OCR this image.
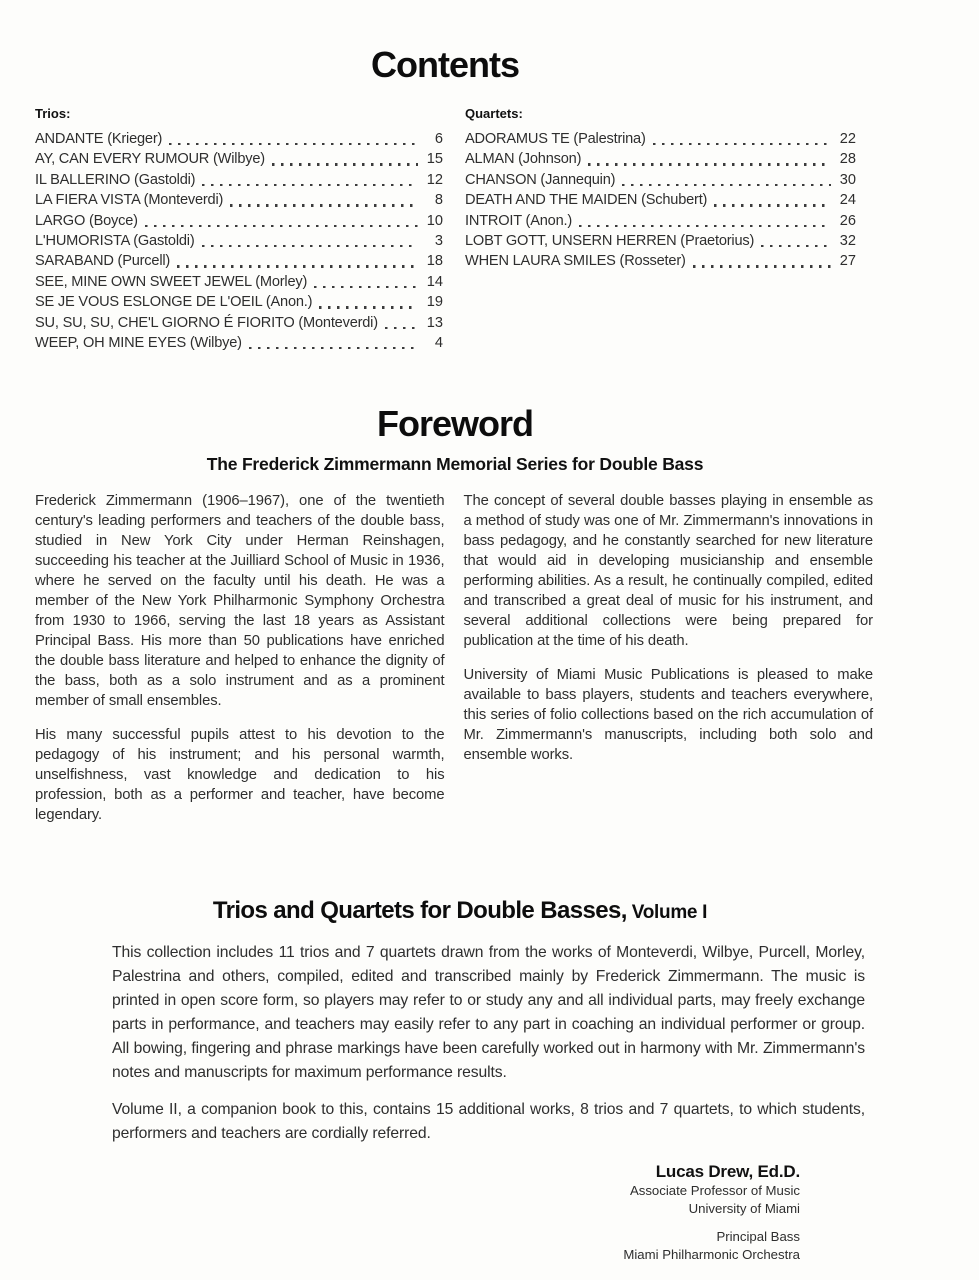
Contents
Trios:
ANDANTE (Krieger)	6
AY, CAN EVERY RUMOUR (Wilbye)	15
IL BALLERINO (Gastoldi)	12
LA FIERA VISTA (Monteverdi)	8
LARGO (Boyce)	10
L'HUMORISTA (Gastoldi)	3
SARABAND (Purcell)	18
SEE, MINE OWN SWEET JEWEL (Morley)	14
SE JE VOUS ESLONGE DE L'OEIL (Anon.)	19
SU, SU, SU, CHE'L GIORNO É FIORITO (Monteverdi)	13
WEEP, OH MINE EYES (Wilbye)	4
Quartets:
ADORAMUS TE (Palestrina)	22
ALMAN (Johnson)	28
CHANSON (Jannequin)	30
DEATH AND THE MAIDEN (Schubert)	24
INTROIT (Anon.)	26
LOBT GOTT, UNSERN HERREN (Praetorius)	32
WHEN LAURA SMILES (Rosseter)	27
Foreword
The Frederick Zimmermann Memorial Series for Double Bass

Frederick Zimmermann (1906–1967), one of the twentieth century's leading performers and teachers of the double bass, studied in New York City under Herman Reinshagen, succeeding his teacher at the Juilliard School of Music in 1936, where he served on the faculty until his death. He was a member of the New York Philharmonic Symphony Orchestra from 1930 to 1966, serving the last 18 years as Assistant Principal Bass. His more than 50 publications have enriched the double bass literature and helped to enhance the dignity of the bass, both as a solo instrument and as a prominent member of small ensembles.

His many successful pupils attest to his devotion to the pedagogy of his instrument; and his personal warmth, unselfishness, vast knowledge and dedication to his profession, both as a performer and teacher, have become legendary.

The concept of several double basses playing in ensemble as a method of study was one of Mr. Zimmermann's innovations in bass pedagogy, and he constantly searched for new literature that would aid in developing musicianship and ensemble performing abilities. As a result, he continually compiled, edited and transcribed a great deal of music for his instrument, and several additional collections were being prepared for publication at the time of his death.

University of Miami Music Publications is pleased to make available to bass players, students and teachers everywhere, this series of folio collections based on the rich accumulation of Mr. Zimmermann's manuscripts, including both solo and ensemble works.

Trios and Quartets for Double Basses, Volume I

This collection includes 11 trios and 7 quartets drawn from the works of Monteverdi, Wilbye, Purcell, Morley, Palestrina and others, compiled, edited and transcribed mainly by Frederick Zimmermann. The music is printed in open score form, so players may refer to or study any and all individual parts, may freely exchange parts in performance, and teachers may easily refer to any part in coaching an individual performer or group. All bowing, fingering and phrase markings have been carefully worked out in harmony with Mr. Zimmermann's notes and manuscripts for maximum performance results.

Volume II, a companion book to this, contains 15 additional works, 8 trios and 7 quartets, to which students, performers and teachers are cordially referred.

Lucas Drew, Ed.D.
Associate Professor of Music
University of Miami
Principal Bass
Miami Philharmonic Orchestra
